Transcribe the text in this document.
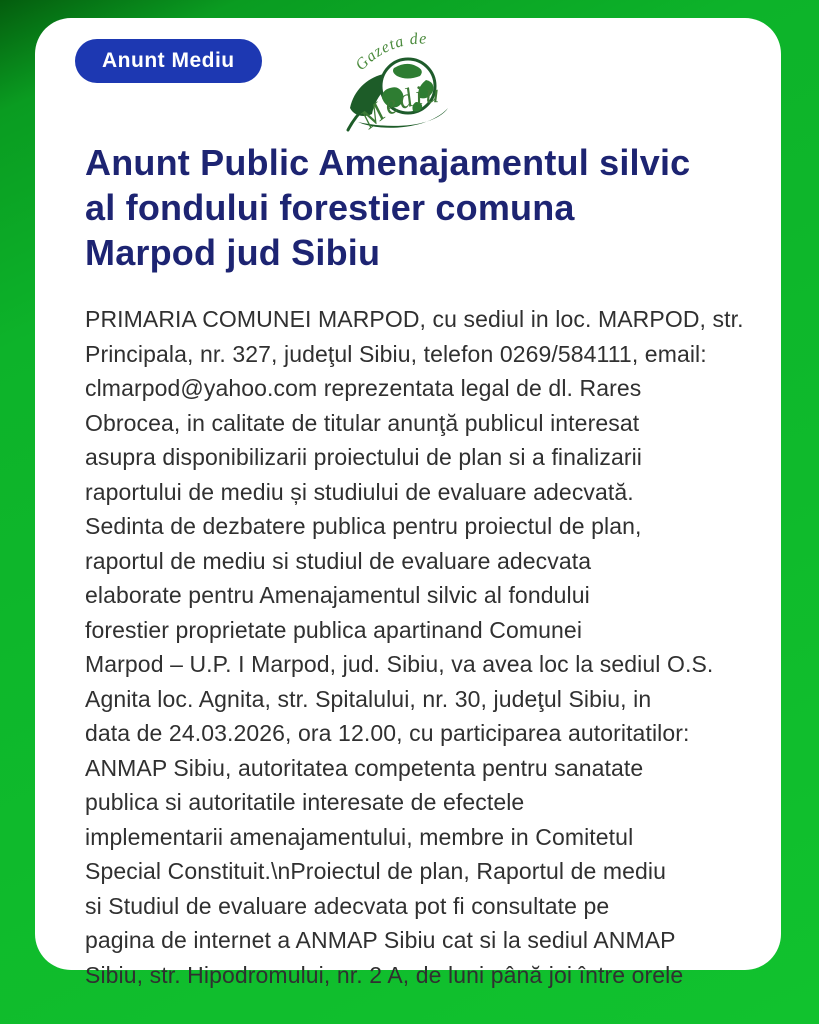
Anunt Mediu	Gazeta de
Mediu
Anunt Public Amenajamentul silvic
al fondului forestier comuna
Marpod jud Sibiu
PRIMARIA COMUNEI MARPOD, cu sediul in loc. MARPOD, str.
Principala, nr. 327, judeţul Sibiu, telefon 0269/584111, email:
clmarpod@yahoo.com reprezentata legal de dl. Rares
Obrocea, in calitate de titular anunţă publicul interesat
asupra disponibilizarii proiectului de plan si a finalizarii
raportului de mediu și studiului de evaluare adecvată.
Sedinta de dezbatere publica pentru proiectul de plan,
raportul de mediu si studiul de evaluare adecvata
elaborate pentru Amenajamentul silvic al fondului
forestier proprietate publica apartinand Comunei
Marpod – U.P. I Marpod, jud. Sibiu, va avea loc la sediul O.S.
Agnita loc. Agnita, str. Spitalului, nr. 30, judeţul Sibiu, in
data de 24.03.2026, ora 12.00, cu participarea autoritatilor:
ANMAP Sibiu, autoritatea competenta pentru sanatate
publica si autoritatile interesate de efectele
implementarii amenajamentului, membre in Comitetul
Special Constituit.\nProiectul de plan, Raportul de mediu
si Studiul de evaluare adecvata pot fi consultate pe
pagina de internet a ANMAP Sibiu cat si la sediul ANMAP
Sibiu, str. Hipodromului, nr. 2 A, de luni până joi între orele
